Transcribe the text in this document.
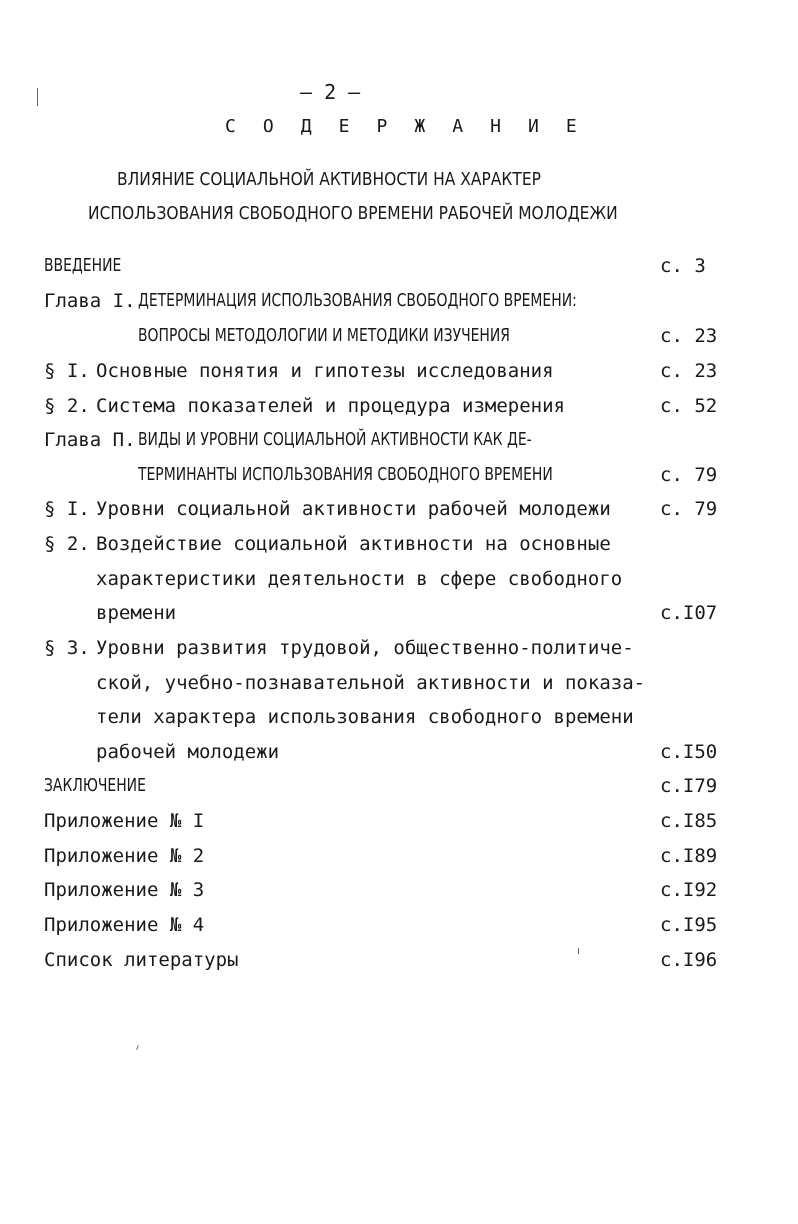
– 2 –
С О Д Е Р Ж А Н И Е
ВЛИЯНИЕ СОЦИАЛЬНОЙ АКТИВНОСТИ НА ХАРАКТЕР
ИСПОЛЬЗОВАНИЯ СВОБОДНОГО ВРЕМЕНИ РАБОЧЕЙ МОЛОДЕЖИ
ВВЕДЕНИЕ	с. 3
Глава I. ДЕТЕРМИНАЦИЯ ИСПОЛЬЗОВАНИЯ СВОБОДНОГО ВРЕМЕНИ:
ВОПРОСЫ МЕТОДОЛОГИИ И МЕТОДИКИ ИЗУЧЕНИЯ	с. 23
§ I. Основные понятия и гипотезы исследования	с. 23
§ 2. Система показателей и процедура измерения	с. 52
Глава П. ВИДЫ И УРОВНИ СОЦИАЛЬНОЙ АКТИВНОСТИ КАК ДЕ-
ТЕРМИНАНТЫ ИСПОЛЬЗОВАНИЯ СВОБОДНОГО ВРЕМЕНИ	с. 79
§ I. Уровни социальной активности рабочей молодежи	с. 79
§ 2. Воздействие социальной активности на основные
характеристики деятельности в сфере свободного
времени	с.I07
§ 3. Уровни развития трудовой, общественно-политиче-
ской, учебно-познавательной активности и показа-
тели характера использования свободного времени
рабочей молодежи	с.I50
ЗАКЛЮЧЕНИЕ	с.I79
Приложение № I	с.I85
Приложение № 2	с.I89
Приложение № 3	с.I92
Приложение № 4	с.I95
Список литературы	с.I96
